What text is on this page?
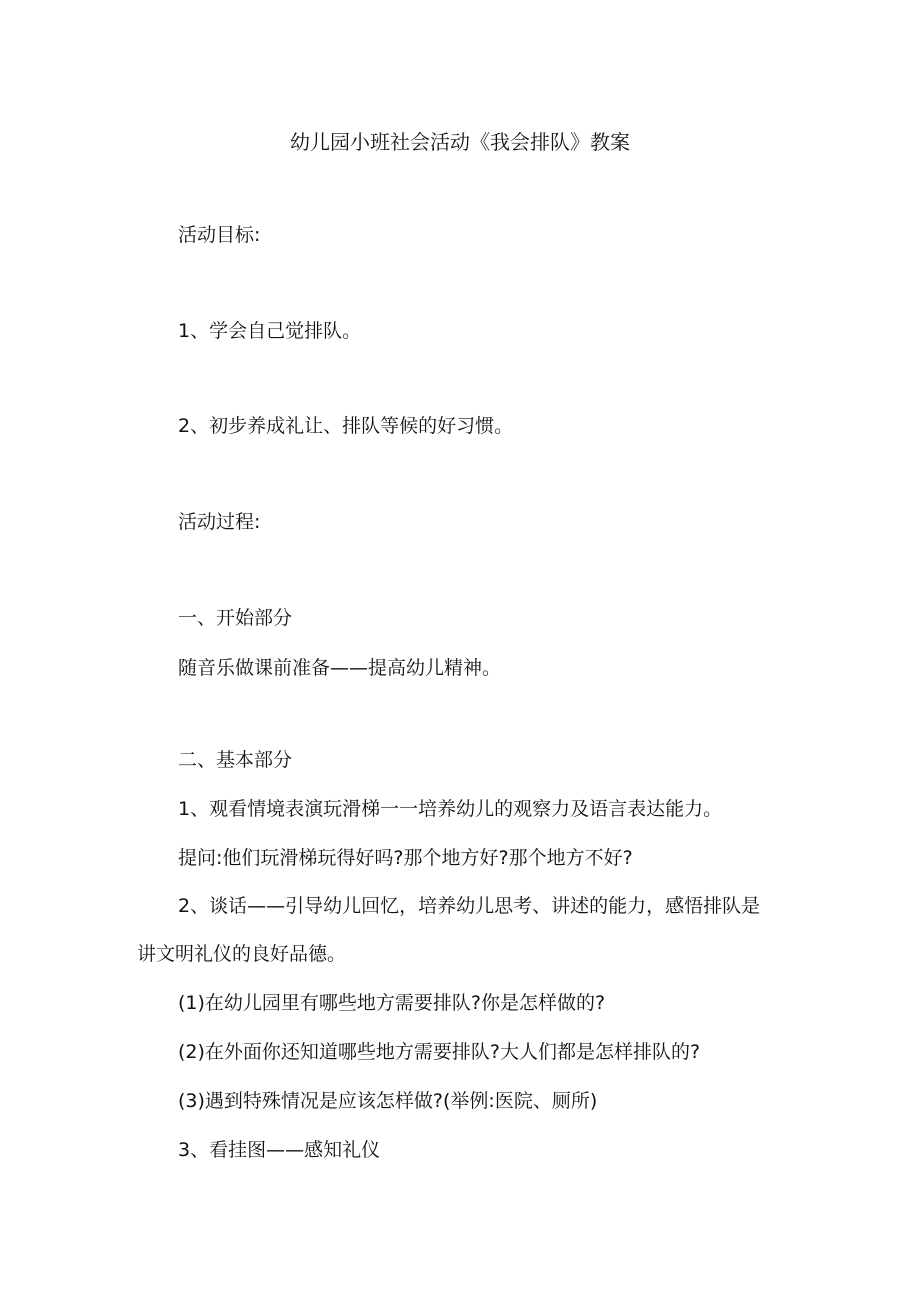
幼儿园小班社会活动《我会排队》教案

活动目标:

1、学会自己觉排队。

2、初步养成礼让、排队等候的好习惯。

活动过程:

一、开始部分

随音乐做课前准备——提高幼儿精神。

二、基本部分

1、观看情境表演玩滑梯一一培养幼儿的观察力及语言表达能力。

提问:他们玩滑梯玩得好吗?那个地方好?那个地方不好?

2、谈话——引导幼儿回忆，培养幼儿思考、讲述的能力，感悟排队是讲文明礼仪的良好品德。

(1)在幼儿园里有哪些地方需要排队?你是怎样做的?

(2)在外面你还知道哪些地方需要排队?大人们都是怎样排队的?

(3)遇到特殊情况是应该怎样做?(举例:医院、厕所)

3、看挂图——感知礼仪
